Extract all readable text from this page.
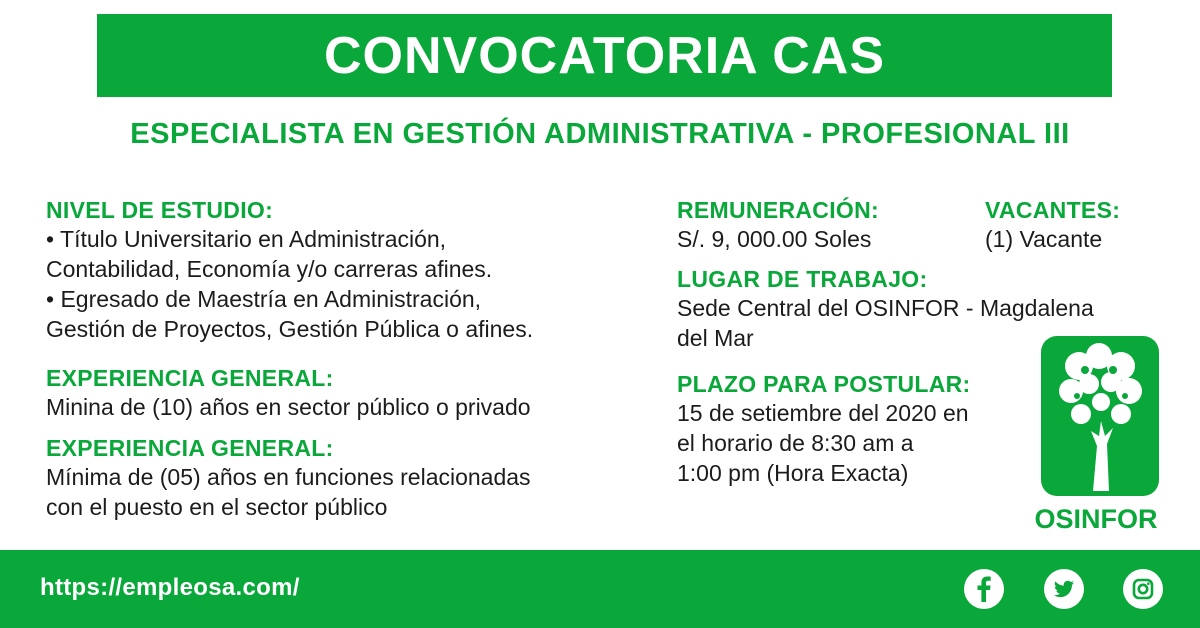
CONVOCATORIA CAS
ESPECIALISTA EN GESTIÓN ADMINISTRATIVA - PROFESIONAL III
NIVEL DE ESTUDIO:
• Título Universitario en Administración,
Contabilidad, Economía y/o carreras afines.
• Egresado de Maestría en Administración,
Gestión de Proyectos, Gestión Pública o afines.
EXPERIENCIA GENERAL:
Minina de (10) años en sector público o privado
EXPERIENCIA GENERAL:
Mínima de (05) años en funciones relacionadas
con el puesto en el sector público
REMUNERACIÓN:
S/. 9, 000.00 Soles
VACANTES:
(1) Vacante
LUGAR DE TRABAJO:
Sede Central del OSINFOR - Magdalena
del Mar
PLAZO PARA POSTULAR:
15 de setiembre del 2020 en
el horario de 8:30 am a
1:00 pm (Hora Exacta)
OSINFOR
https://empleosa.com/
